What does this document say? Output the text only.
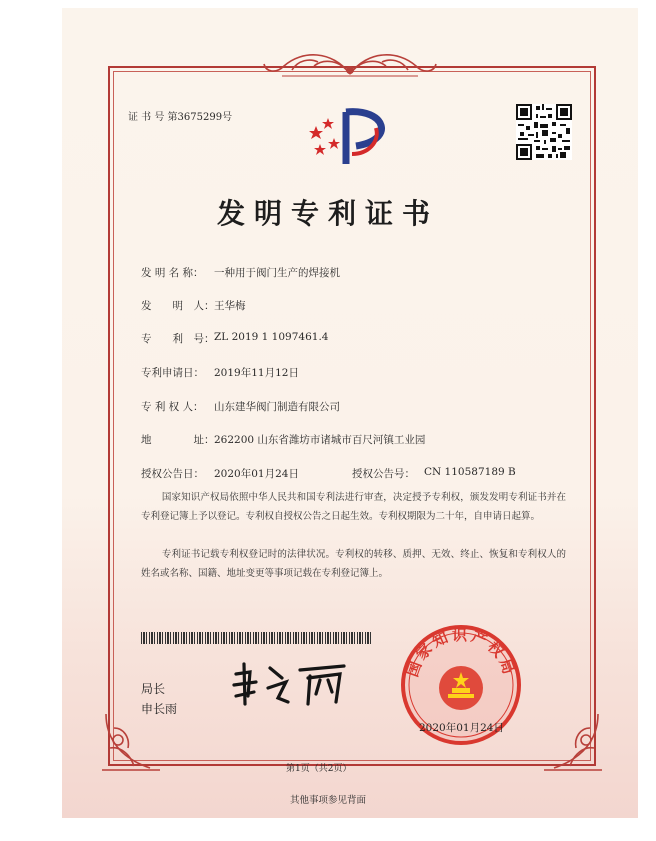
证 书 号 第3675299号
发明专利证书
发 明 名 称： 一种用于阀门生产的焊接机
发　　明　人： 王华梅
专　　利　号： ZL 2019 1 1097461.4
专利申请日： 2019年11月12日
专 利 权 人： 山东建华阀门制造有限公司
地　　　　址： 262200 山东省潍坊市诸城市百尺河镇工业园
授权公告日： 2020年01月24日	授权公告号： CN 110587189 B
国家知识产权局依照中华人民共和国专利法进行审查，决定授予专利权，颁发发明专利证书并在专利登记簿上予以登记。专利权自授权公告之日起生效。专利权期限为二十年，自申请日起算。
专利证书记载专利权登记时的法律状况。专利权的转移、质押、无效、终止、恢复和专利权人的姓名或名称、国籍、地址变更等事项记载在专利登记簿上。
局长
申长雨
国家知识产权局
2020年01月24日
第1页（共2页）
其他事项参见背面
